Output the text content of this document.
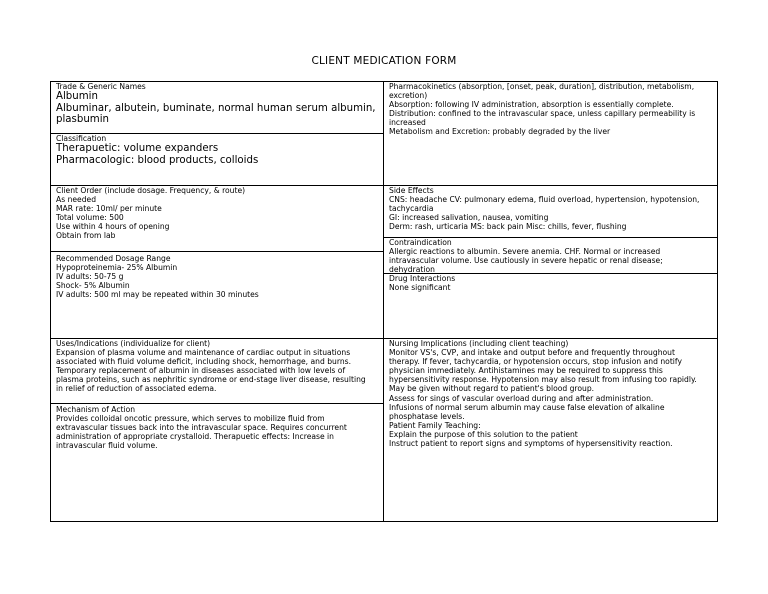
CLIENT MEDICATION FORM
Trade & Generic Names
Albumin
Albuminar, albutein, buminate, normal human serum albumin,
plasbumin
Classification
Therapuetic: volume expanders
Pharmacologic: blood products, colloids
Pharmacokinetics (absorption, [onset, peak, duration], distribution, metabolism,
excretion)
Absorption: following IV administration, absorption is essentially complete.
Distribution: confined to the intravascular space, unless capillary permeability is
increased
Metabolism and Excretion: probably degraded by the liver
Client Order (include dosage. Frequency, & route)
As needed
MAR rate: 10ml/ per minute
Total volume: 500
Use within 4 hours of opening
Obtain from lab
Side Effects
CNS: headache CV: pulmonary edema, fluid overload, hypertension, hypotension,
tachycardia
GI: increased salivation, nausea, vomiting
Derm: rash, urticaria MS: back pain Misc: chills, fever, flushing
Recommended Dosage Range
Hypoproteinemia- 25% Albumin
IV adults: 50-75 g
Shock- 5% Albumin
IV adults: 500 ml may be repeated within 30 minutes
Contraindication
Allergic reactions to albumin. Severe anemia. CHF. Normal or increased
intravascular volume. Use cautiously in severe hepatic or renal disease;
dehydration
Drug Interactions
None significant
Uses/Indications (individualize for client)
Expansion of plasma volume and maintenance of cardiac output in situations
associated with fluid volume deficit, including shock, hemorrhage, and burns.
Temporary replacement of albumin in diseases associated with low levels of
plasma proteins, such as nephritic syndrome or end-stage liver disease, resulting
in relief of reduction of associated edema.
Mechanism of Action
Provides colloidal oncotic pressure, which serves to mobilize fluid from
extravascular tissues back into the intravascular space. Requires concurrent
administration of appropriate crystalloid. Therapuetic effects: Increase in
intravascular fluid volume.
Nursing Implications (including client teaching)
Monitor VS's, CVP, and intake and output before and frequently throughout
therapy. If fever, tachycardia, or hypotension occurs, stop infusion and notify
physician immediately. Antihistamines may be required to suppress this
hypersensitivity response. Hypotension may also result from infusing too rapidly.
May be given without regard to patient's blood group.
Assess for sings of vascular overload during and after administration.
Infusions of normal serum albumin may cause false elevation of alkaline
phosphatase levels.
Patient Family Teaching:
Explain the purpose of this solution to the patient
Instruct patient to report signs and symptoms of hypersensitivity reaction.
